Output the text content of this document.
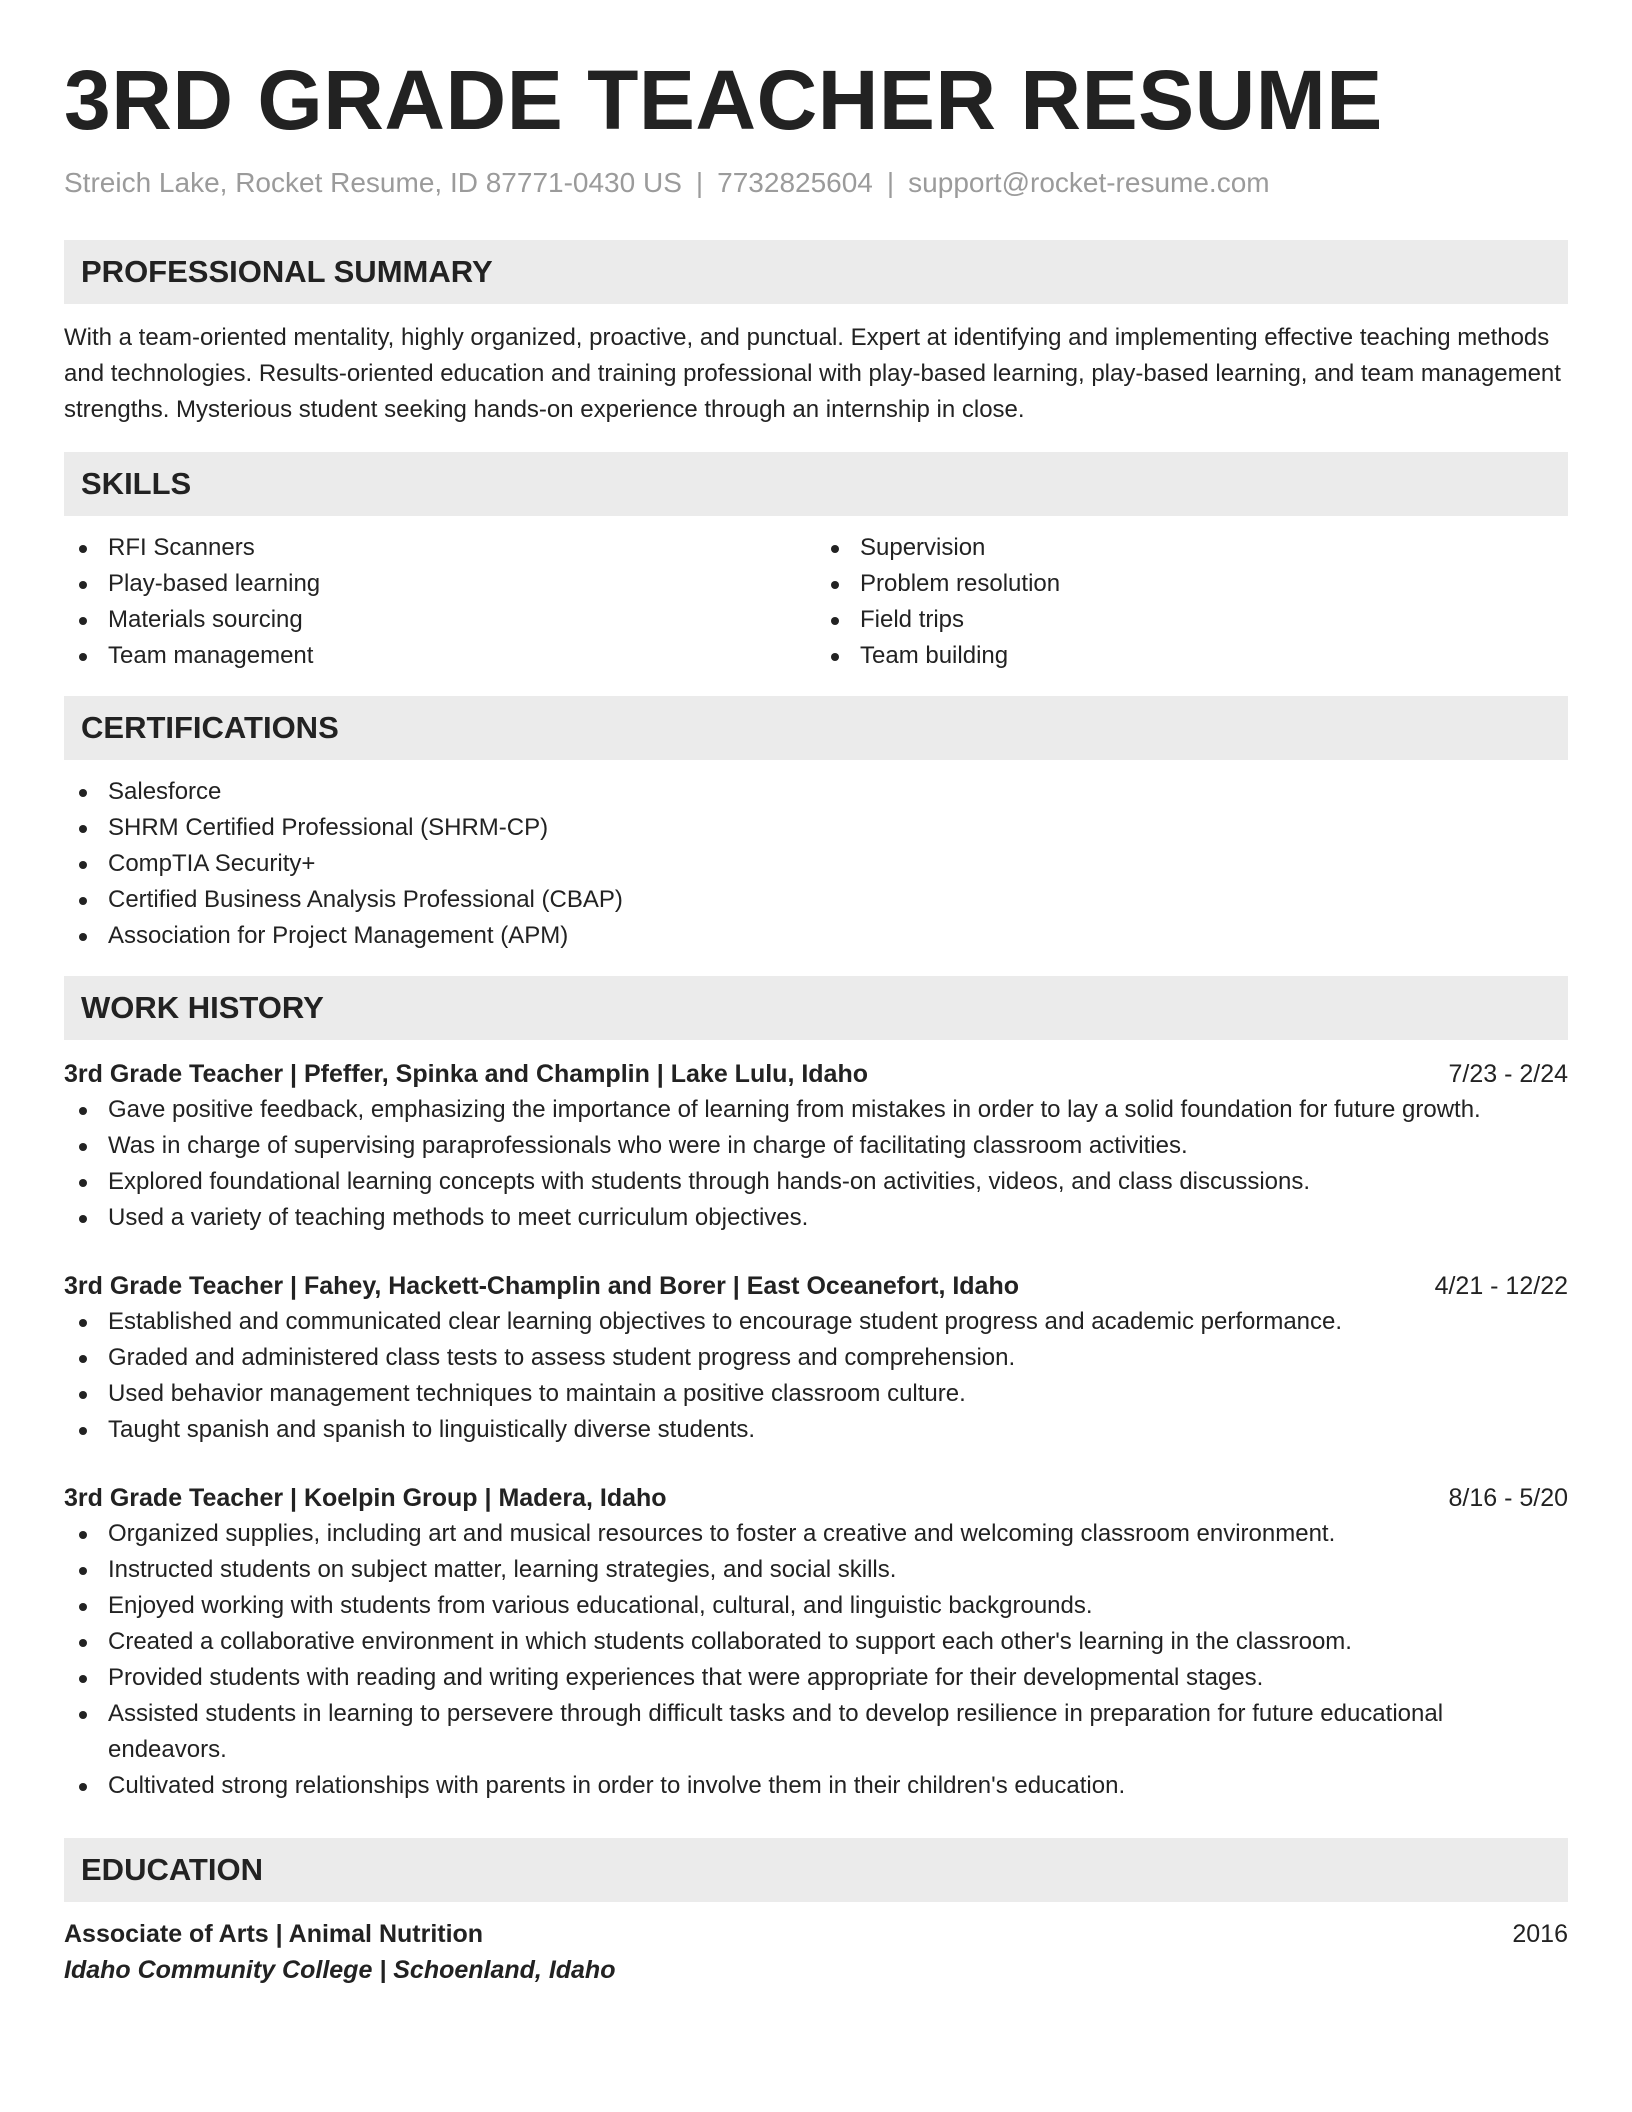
3RD GRADE TEACHER RESUME
Streich Lake, Rocket Resume, ID 87771-0430 US | 7732825604 | support@rocket-resume.com
PROFESSIONAL SUMMARY

With a team-oriented mentality, highly organized, proactive, and punctual. Expert at identifying and implementing effective teaching methods and technologies. Results-oriented education and training professional with play-based learning, play-based learning, and team management strengths. Mysterious student seeking hands-on experience through an internship in close.

SKILLS
RFI Scanners
Play-based learning
Materials sourcing
Team management
Supervision
Problem resolution
Field trips
Team building
CERTIFICATIONS
Salesforce
SHRM Certified Professional (SHRM-CP)
CompTIA Security+
Certified Business Analysis Professional (CBAP)
Association for Project Management (APM)
WORK HISTORY
3rd Grade Teacher | Pfeffer, Spinka and Champlin | Lake Lulu, Idaho	7/23 - 2/24
Gave positive feedback, emphasizing the importance of learning from mistakes in order to lay a solid foundation for future growth.
Was in charge of supervising paraprofessionals who were in charge of facilitating classroom activities.
Explored foundational learning concepts with students through hands-on activities, videos, and class discussions.
Used a variety of teaching methods to meet curriculum objectives.
3rd Grade Teacher | Fahey, Hackett-Champlin and Borer | East Oceanefort, Idaho	4/21 - 12/22
Established and communicated clear learning objectives to encourage student progress and academic performance.
Graded and administered class tests to assess student progress and comprehension.
Used behavior management techniques to maintain a positive classroom culture.
Taught spanish and spanish to linguistically diverse students.
3rd Grade Teacher | Koelpin Group | Madera, Idaho	8/16 - 5/20
Organized supplies, including art and musical resources to foster a creative and welcoming classroom environment.
Instructed students on subject matter, learning strategies, and social skills.
Enjoyed working with students from various educational, cultural, and linguistic backgrounds.
Created a collaborative environment in which students collaborated to support each other's learning in the classroom.
Provided students with reading and writing experiences that were appropriate for their developmental stages.
Assisted students in learning to persevere through difficult tasks and to develop resilience in preparation for future educational endeavors.
Cultivated strong relationships with parents in order to involve them in their children's education.
EDUCATION
Associate of Arts | Animal Nutrition	2016
Idaho Community College | Schoenland, Idaho
